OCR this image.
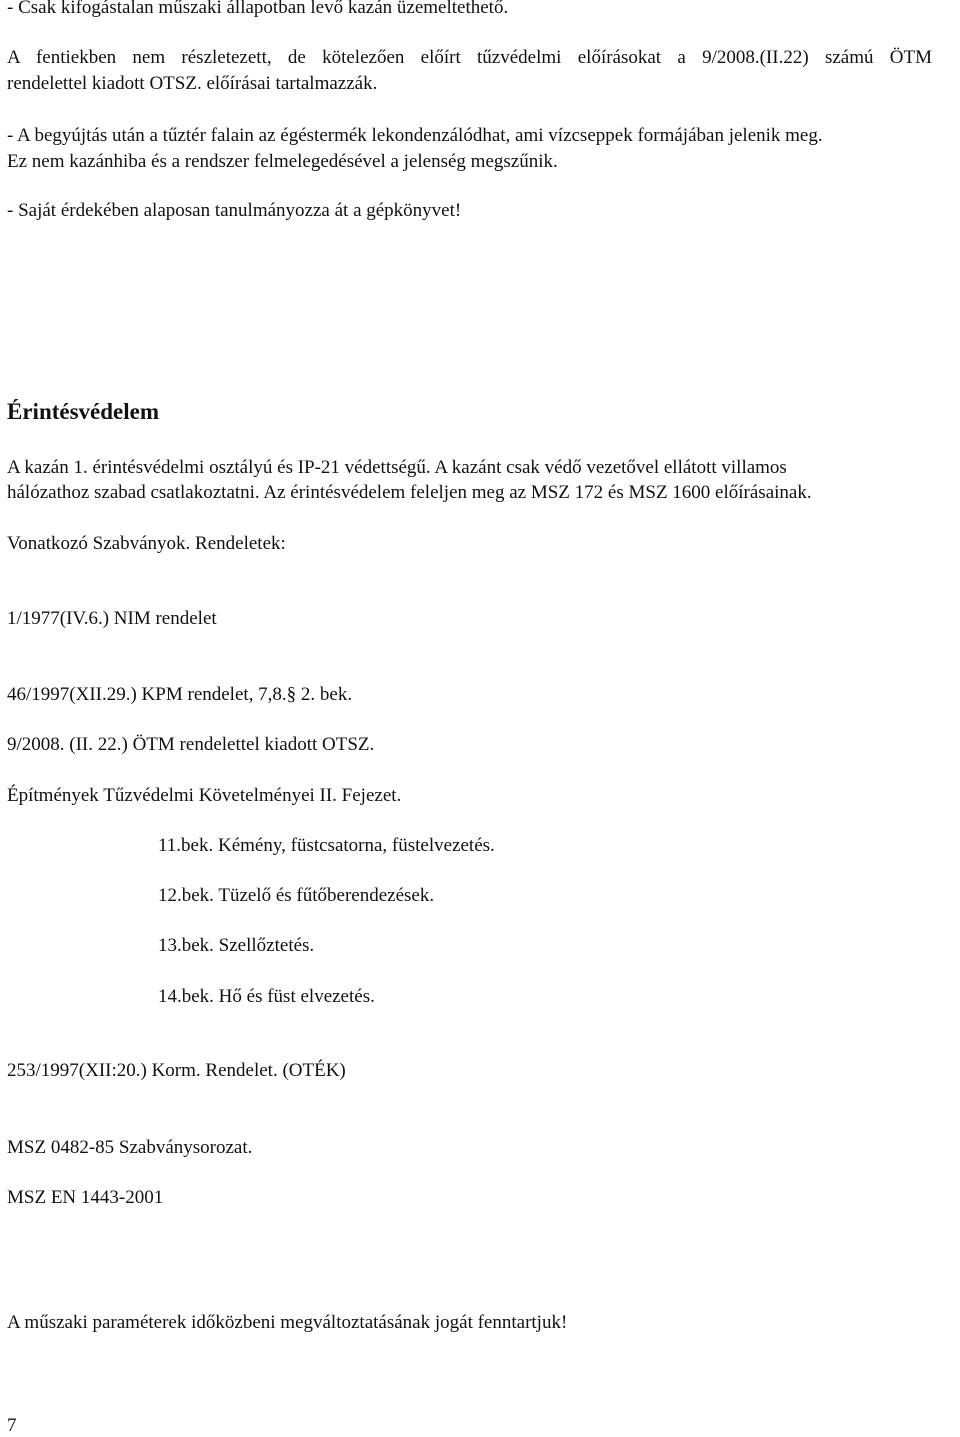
- Csak kifogástalan műszaki állapotban levő kazán üzemeltethető.

A fentiekben nem részletezett, de kötelezően előírt tűzvédelmi előírásokat a 9/2008.(II.22) számú ÖTM

rendelettel kiadott OTSZ. előírásai tartalmazzák.

- A begyújtás után a tűztér falain az égéstermék lekondenzálódhat, ami vízcseppek formájában jelenik meg.

Ez nem kazánhiba és a rendszer felmelegedésével a jelenség megszűnik.

- Saját érdekében alaposan tanulmányozza át a gépkönyvet!

Érintésvédelem

A kazán 1. érintésvédelmi osztályú és IP-21 védettségű. A kazánt csak védő vezetővel ellátott villamos

hálózathoz szabad csatlakoztatni. Az érintésvédelem feleljen meg az MSZ 172 és MSZ 1600 előírásainak.

Vonatkozó Szabványok. Rendeletek:

1/1977(IV.6.) NIM rendelet

46/1997(XII.29.) KPM rendelet, 7,8.§ 2. bek.

9/2008. (II. 22.) ÖTM rendelettel kiadott OTSZ.

Építmények Tűzvédelmi Követelményei II. Fejezet.

11.bek. Kémény, füstcsatorna, füstelvezetés.

12.bek. Tüzelő és fűtőberendezések.

13.bek. Szellőztetés.

14.bek. Hő és füst elvezetés.

253/1997(XII:20.) Korm. Rendelet. (OTÉK)

MSZ 0482-85 Szabványsorozat.

MSZ EN 1443-2001

A műszaki paraméterek időközbeni megváltoztatásának jogát fenntartjuk!

7
